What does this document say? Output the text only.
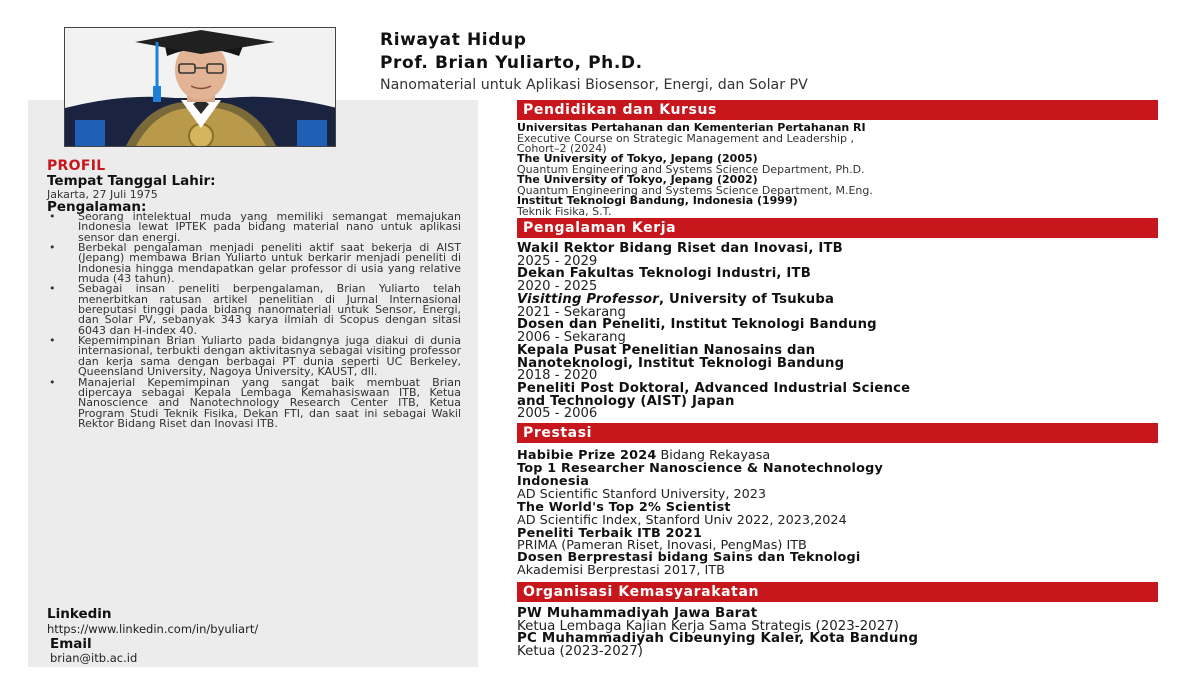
PROFIL
Tempat Tanggal Lahir:
Jakarta, 27 Juli 1975
Pengalaman:
• Seorang intelektual muda yang memiliki semangat memajukan Indonesia lewat IPTEK pada bidang material nano untuk aplikasi sensor dan energi.
• Berbekal pengalaman menjadi peneliti aktif saat bekerja di AIST (Jepang) membawa Brian Yuliarto untuk berkarir menjadi peneliti di Indonesia hingga mendapatkan gelar professor di usia yang relative muda (43 tahun).
• Sebagai insan peneliti berpengalaman, Brian Yuliarto telah menerbitkan ratusan artikel penelitian di Jurnal Internasional bereputasi tinggi pada bidang nanomaterial untuk Sensor, Energi, dan Solar PV, sebanyak 343 karya ilmiah di Scopus dengan sitasi 6043 dan H-index 40.
• Kepemimpinan Brian Yuliarto pada bidangnya juga diakui di dunia internasional, terbukti dengan aktivitasnya sebagai visiting professor dan kerja sama dengan berbagai PT dunia seperti UC Berkeley, Queensland University, Nagoya University, KAUST, dll.
• Manajerial Kepemimpinan yang sangat baik membuat Brian dipercaya sebagai Kepala Lembaga Kemahasiswaan ITB, Ketua Nanoscience and Nanotechnology Research Center ITB, Ketua Program Studi Teknik Fisika, Dekan FTI, dan saat ini sebagai Wakil Rektor Bidang Riset dan Inovasi ITB.
Linkedin
https://www.linkedin.com/in/byuliart/
Email
brian@itb.ac.id
Riwayat Hidup
Prof. Brian Yuliarto, Ph.D.
Nanomaterial untuk Aplikasi Biosensor, Energi, dan Solar PV
Pendidikan dan Kursus
Pengalaman Kerja
Prestasi
Organisasi Kemasyarakatan
Universitas Pertahanan dan Kementerian Pertahanan RI
Executive Course on Strategic Management and Leadership ,
Cohort–2 (2024)
The University of Tokyo, Jepang (2005)
Quantum Engineering and Systems Science Department, Ph.D.
The University of Tokyo, Jepang (2002)
Quantum Engineering and Systems Science Department, M.Eng.
Institut Teknologi Bandung, Indonesia (1999)
Teknik Fisika, S.T.
Wakil Rektor Bidang Riset dan Inovasi, ITB
2025 - 2029
Dekan Fakultas Teknologi Industri, ITB
2020 - 2025
Visitting Professor, University of Tsukuba
2021 - Sekarang
Dosen dan Peneliti, Institut Teknologi Bandung
2006 - Sekarang
Kepala Pusat Penelitian Nanosains dan
Nanoteknologi, Institut Teknologi Bandung
2018 - 2020
Peneliti Post Doktoral, Advanced Industrial Science
and Technology (AIST) Japan
2005 - 2006
Habibie Prize 2024 Bidang Rekayasa
Top 1 Researcher Nanoscience & Nanotechnology
Indonesia
AD Scientific Stanford University, 2023
The World's Top 2% Scientist
AD Scientific Index, Stanford Univ 2022, 2023,2024
Peneliti Terbaik ITB 2021
PRIMA (Pameran Riset, Inovasi, PengMas) ITB
Dosen Berprestasi bidang Sains dan Teknologi
Akademisi Berprestasi 2017, ITB
PW Muhammadiyah Jawa Barat
Ketua Lembaga Kajian Kerja Sama Strategis (2023-2027)
PC Muhammadiyah Cibeunying Kaler, Kota Bandung
Ketua (2023-2027)
